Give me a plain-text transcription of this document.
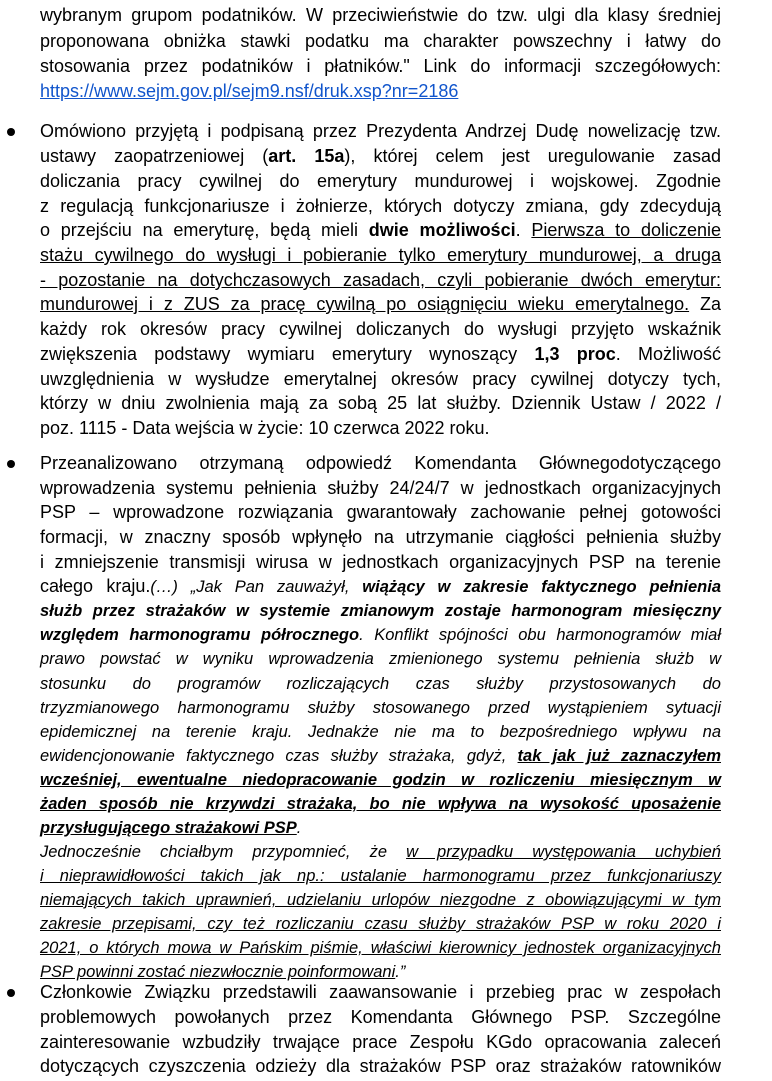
wybranym grupom podatników. W przeciwieństwie do tzw. ulgi dla klasy średniej
proponowana obniżka stawki podatku ma charakter powszechny i łatwy do
stosowania przez podatników i płatników." Link do informacji szczegółowych:
https://www.sejm.gov.pl/sejm9.nsf/druk.xsp?nr=2186
Omówiono przyjętą i podpisaną przez Prezydenta Andrzej Dudę nowelizację tzw.
ustawy zaopatrzeniowej (art. 15a), której celem jest uregulowanie zasad
doliczania pracy cywilnej do emerytury mundurowej i wojskowej. Zgodnie
z regulacją funkcjonariusze i żołnierze, których dotyczy zmiana, gdy zdecydują
o przejściu na emeryturę, będą mieli dwie możliwości. Pierwsza to doliczenie
stażu cywilnego do wysługi i pobieranie tylko emerytury mundurowej, a druga
- pozostanie na dotychczasowych zasadach, czyli pobieranie dwóch emerytur:
mundurowej i z ZUS za pracę cywilną po osiągnięciu wieku emerytalnego. Za
każdy rok okresów pracy cywilnej doliczanych do wysługi przyjęto wskaźnik
zwiększenia podstawy wymiaru emerytury wynoszący 1,3 proc. Możliwość
uwzględnienia w wysłudze emerytalnej okresów pracy cywilnej dotyczy tych,
którzy w dniu zwolnienia mają za sobą 25 lat służby. Dziennik Ustaw / 2022 /
poz. 1115 - Data wejścia w życie: 10 czerwca 2022 roku.
Przeanalizowano otrzymaną odpowiedź Komendanta Głównegodotyczącego
wprowadzenia systemu pełnienia służby 24/24/7 w jednostkach organizacyjnych
PSP – wprowadzone rozwiązania gwarantowały zachowanie pełnej gotowości
formacji, w znaczny sposób wpłynęło na utrzymanie ciągłości pełnienia służby
i zmniejszenie transmisji wirusa w jednostkach organizacyjnych PSP na terenie
całego kraju.(…) „Jak Pan zauważył, wiążący w zakresie faktycznego pełnienia
służb przez strażaków w systemie zmianowym zostaje harmonogram miesięczny
względem harmonogramu półrocznego. Konflikt spójności obu harmonogramów miał
prawo powstać w wyniku wprowadzenia zmienionego systemu pełnienia służb w
stosunku do programów rozliczających czas służby przystosowanych do
trzyzmianowego harmonogramu służby stosowanego przed wystąpieniem sytuacji
epidemicznej na terenie kraju. Jednakże nie ma to bezpośredniego wpływu na
ewidencjonowanie faktycznego czas służby strażaka, gdyż, tak jak już zaznaczyłem
wcześniej, ewentualne niedopracowanie godzin w rozliczeniu miesięcznym w
żaden sposób nie krzywdzi strażaka, bo nie wpływa na wysokość uposażenie
przysługującego strażakowi PSP.
Jednocześnie chciałbym przypomnieć, że w przypadku występowania uchybień
i nieprawidłowości takich jak np.: ustalanie harmonogramu przez funkcjonariuszy
niemających takich uprawnień, udzielaniu urlopów niezgodne z obowiązującymi w tym
zakresie przepisami, czy też rozliczaniu czasu służby strażaków PSP w roku 2020 i
2021, o których mowa w Pańskim piśmie, właściwi kierownicy jednostek organizacyjnych
PSP powinni zostać niezwłocznie poinformowani.”
Członkowie Związku przedstawili zaawansowanie i przebieg prac w zespołach
problemowych powołanych przez Komendanta Głównego PSP. Szczególne
zainteresowanie wzbudziły trwające prace Zespołu KGdo opracowania zaleceń
dotyczących czyszczenia odzieży dla strażaków PSP oraz strażaków ratowników
